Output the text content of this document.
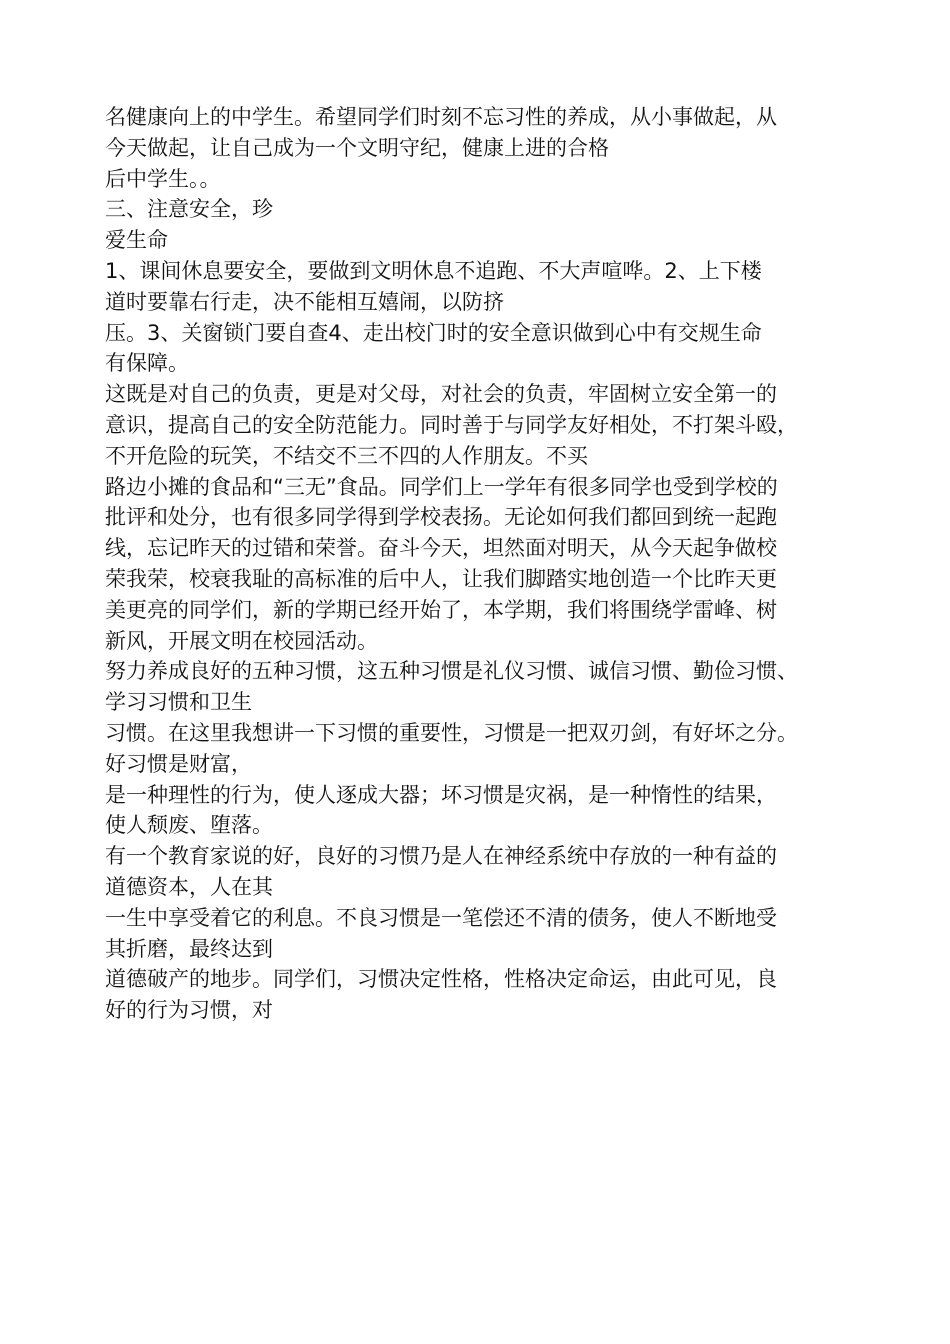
名健康向上的中学生。希望同学们时刻不忘习性的养成，从小事做起，从
今天做起，让自己成为一个文明守纪，健康上进的合格
后中学生。。
三、注意安全，珍
爱生命
1、课间休息要安全，要做到文明休息不追跑、不大声喧哗。2、上下楼
道时要靠右行走，决不能相互嬉闹，以防挤
压。3、关窗锁门要自查4、走出校门时的安全意识做到心中有交规生命
有保障。
这既是对自己的负责，更是对父母，对社会的负责，牢固树立安全第一的
意识，提高自己的安全防范能力。同时善于与同学友好相处，不打架斗殴，
不开危险的玩笑，不结交不三不四的人作朋友。不买
路边小摊的食品和“三无”食品。同学们上一学年有很多同学也受到学校的
批评和处分，也有很多同学得到学校表扬。无论如何我们都回到统一起跑
线，忘记昨天的过错和荣誉。奋斗今天，坦然面对明天，从今天起争做校
荣我荣，校衰我耻的高标准的后中人，让我们脚踏实地创造一个比昨天更
美更亮的同学们，新的学期已经开始了，本学期，我们将围绕学雷峰、树
新风，开展文明在校园活动。
努力养成良好的五种习惯，这五种习惯是礼仪习惯、诚信习惯、勤俭习惯、
学习习惯和卫生
习惯。在这里我想讲一下习惯的重要性，习惯是一把双刃剑，有好坏之分。
好习惯是财富，
是一种理性的行为，使人逐成大器；坏习惯是灾祸，是一种惰性的结果，
使人颓废、堕落。
有一个教育家说的好，良好的习惯乃是人在神经系统中存放的一种有益的
道德资本，人在其
一生中享受着它的利息。不良习惯是一笔偿还不清的债务，使人不断地受
其折磨，最终达到
道德破产的地步。同学们，习惯决定性格，性格决定命运，由此可见，良
好的行为习惯，对
